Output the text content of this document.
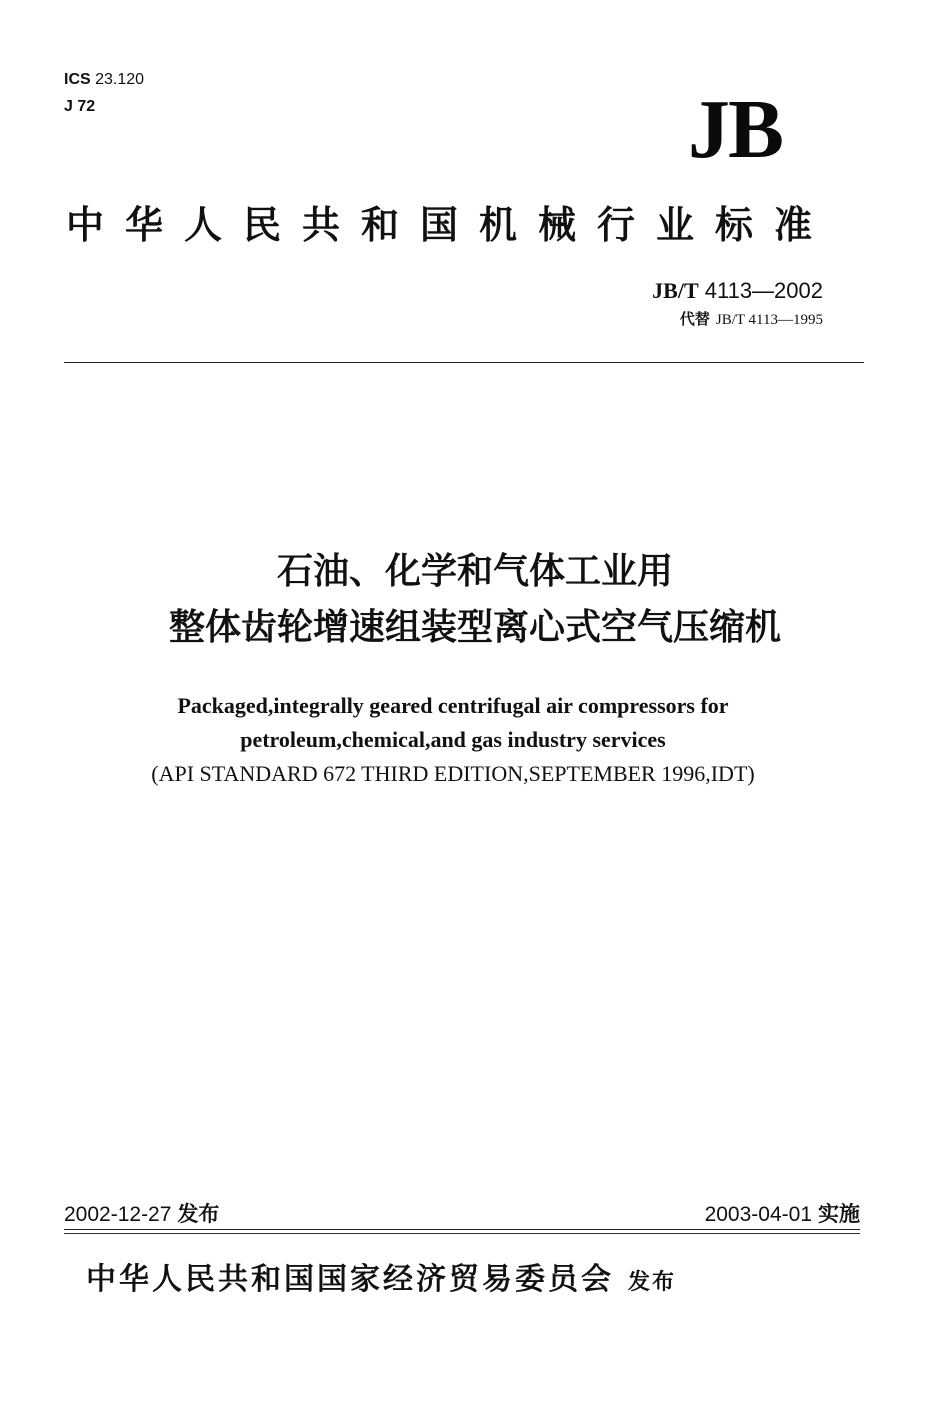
ICS 23.120
J 72	JB
中华人民共和国机械行业标准
JB/T 4113—2002
代替 JB/T 4113—1995
石油、化学和气体工业用
整体齿轮增速组装型离心式空气压缩机
Packaged,integrally geared centrifugal air compressors for
petroleum,chemical,and gas industry services
(API STANDARD 672 THIRD EDITION,SEPTEMBER 1996,IDT)
2002-12-27 发布	2003-04-01 实施
中华人民共和国国家经济贸易委员会 发布
